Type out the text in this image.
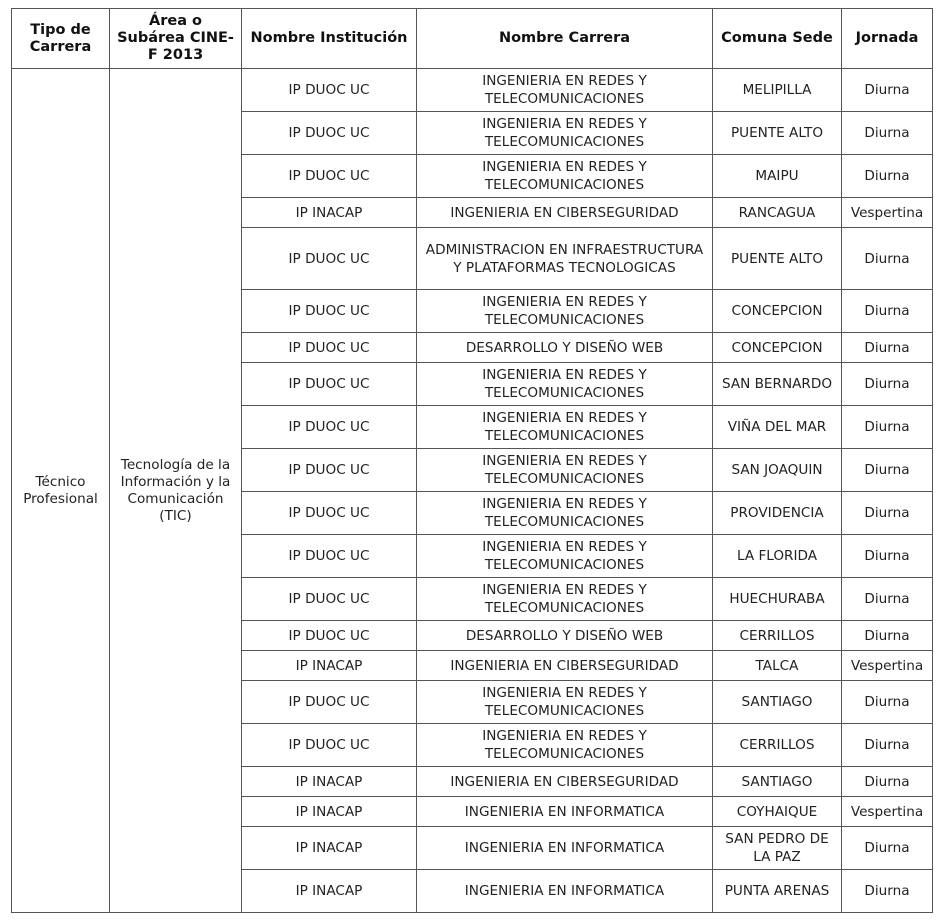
Tipo de Carrera	Área o Subárea CINE-F 2013	Nombre Institución	Nombre Carrera	Comuna Sede	Jornada
Técnico Profesional	Tecnología de la Información y la Comunicación (TIC)	IP DUOC UC	INGENIERIA EN REDES Y TELECOMUNICACIONES	MELIPILLA	Diurna
		IP DUOC UC	INGENIERIA EN REDES Y TELECOMUNICACIONES	PUENTE ALTO	Diurna
		IP DUOC UC	INGENIERIA EN REDES Y TELECOMUNICACIONES	MAIPU	Diurna
		IP INACAP	INGENIERIA EN CIBERSEGURIDAD	RANCAGUA	Vespertina
		IP DUOC UC	ADMINISTRACION EN INFRAESTRUCTURA Y PLATAFORMAS TECNOLOGICAS	PUENTE ALTO	Diurna
		IP DUOC UC	INGENIERIA EN REDES Y TELECOMUNICACIONES	CONCEPCION	Diurna
		IP DUOC UC	DESARROLLO Y DISEÑO WEB	CONCEPCION	Diurna
		IP DUOC UC	INGENIERIA EN REDES Y TELECOMUNICACIONES	SAN BERNARDO	Diurna
		IP DUOC UC	INGENIERIA EN REDES Y TELECOMUNICACIONES	VIÑA DEL MAR	Diurna
		IP DUOC UC	INGENIERIA EN REDES Y TELECOMUNICACIONES	SAN JOAQUIN	Diurna
		IP DUOC UC	INGENIERIA EN REDES Y TELECOMUNICACIONES	PROVIDENCIA	Diurna
		IP DUOC UC	INGENIERIA EN REDES Y TELECOMUNICACIONES	LA FLORIDA	Diurna
		IP DUOC UC	INGENIERIA EN REDES Y TELECOMUNICACIONES	HUECHURABA	Diurna
		IP DUOC UC	DESARROLLO Y DISEÑO WEB	CERRILLOS	Diurna
		IP INACAP	INGENIERIA EN CIBERSEGURIDAD	TALCA	Vespertina
		IP DUOC UC	INGENIERIA EN REDES Y TELECOMUNICACIONES	SANTIAGO	Diurna
		IP DUOC UC	INGENIERIA EN REDES Y TELECOMUNICACIONES	CERRILLOS	Diurna
		IP INACAP	INGENIERIA EN CIBERSEGURIDAD	SANTIAGO	Diurna
		IP INACAP	INGENIERIA EN INFORMATICA	COYHAIQUE	Vespertina
		IP INACAP	INGENIERIA EN INFORMATICA	SAN PEDRO DE LA PAZ	Diurna
		IP INACAP	INGENIERIA EN INFORMATICA	PUNTA ARENAS	Diurna
